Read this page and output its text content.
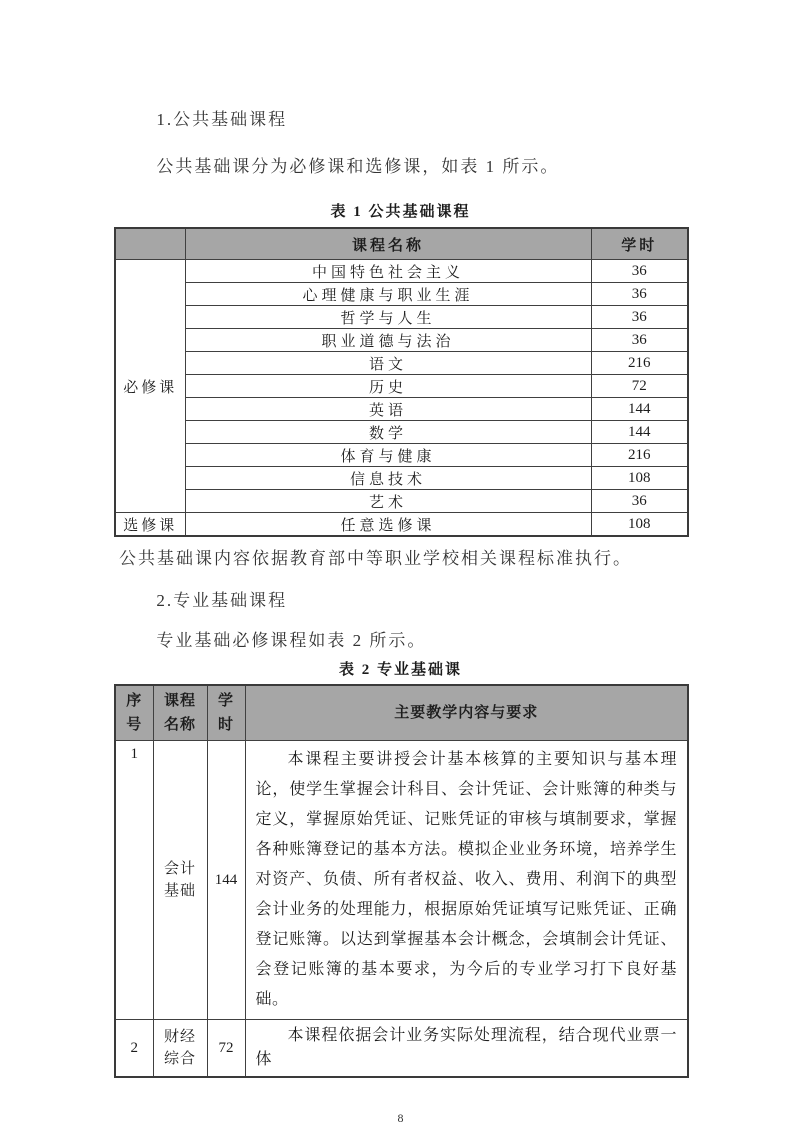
1.公共基础课程

公共基础课分为必修课和选修课，如表 1 所示。

表 1 公共基础课程
	课程名称	学时
必修课	中国特色社会主义	36
	心理健康与职业生涯	36
	哲学与人生	36
	职业道德与法治	36
	语文	216
	历史	72
	英语	144
	数学	144
	体育与健康	216
	信息技术	108
	艺术	36
选修课	任意选修课	108

公共基础课内容依据教育部中等职业学校相关课程标准执行。

2.专业基础课程

专业基础必修课程如表 2 所示。

表 2 专业基础课
序号	课程名称	学时	主要教学内容与要求
1	会计基础	144	本课程主要讲授会计基本核算的主要知识与基本理论，使学生掌握会计科目、会计凭证、会计账簿的种类与定义，掌握原始凭证、记账凭证的审核与填制要求，掌握各种账簿登记的基本方法。模拟企业业务环境，培养学生对资产、负债、所有者权益、收入、费用、利润下的典型会计业务的处理能力，根据原始凭证填写记账凭证、正确登记账簿。以达到掌握基本会计概念，会填制会计凭证、会登记账簿的基本要求，为今后的专业学习打下良好基础。

2	财经综合	72	本课程依据会计业务实际处理流程，结合现代业票一体

8
